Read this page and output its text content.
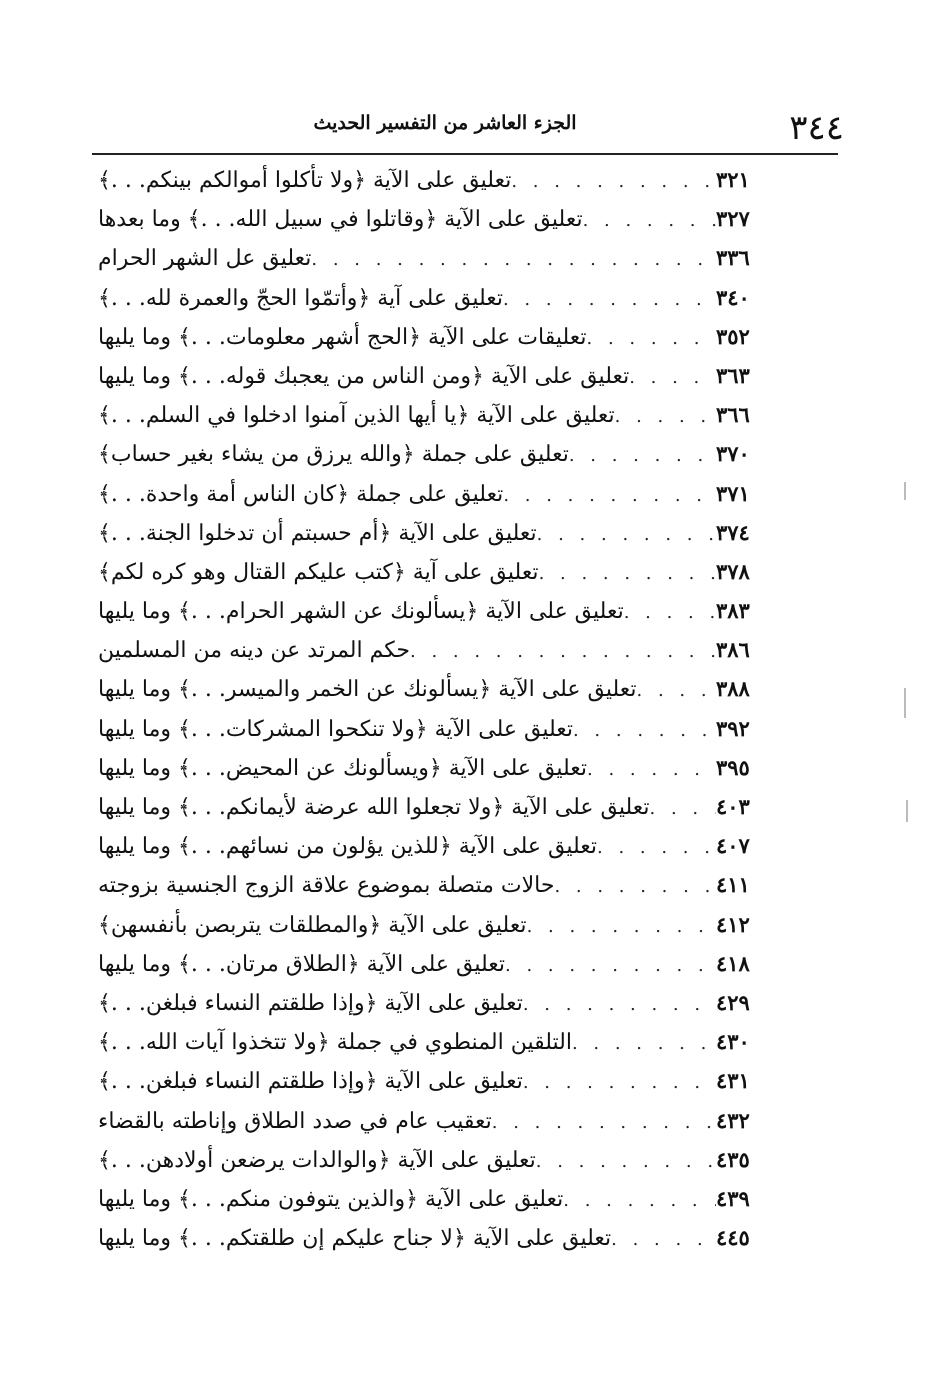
٣٤٤
الجزء العاشر من التفسير الحديث
تعليق على الآية ﴿ولا تأكلوا أموالكم بينكم. . .﴾ . . .	٣٢١
تعليق على الآية ﴿وقاتلوا في سبيل الله. . .﴾ وما بعدها . . .	٣٢٧
تعليق عل الشهر الحرام . . .	٣٣٦
تعليق على آية ﴿وأتمّوا الحجّ والعمرة لله. . .﴾ . . .	٣٤٠
تعليقات على الآية ﴿الحج أشهر معلومات. . .﴾ وما يليها . . .	٣٥٢
تعليق على الآية ﴿ومن الناس من يعجبك قوله. . .﴾ وما يليها . . .	٣٦٣
تعليق على الآية ﴿يا أيها الذين آمنوا ادخلوا في السلم. . .﴾ . . .	٣٦٦
تعليق على جملة ﴿والله يرزق من يشاء بغير حساب﴾ . . .	٣٧٠
تعليق على جملة ﴿كان الناس أمة واحدة. . .﴾ . . .	٣٧١
تعليق على الآية ﴿أم حسبتم أن تدخلوا الجنة. . .﴾ . . .	٣٧٤
تعليق على آية ﴿كتب عليكم القتال وهو كره لكم﴾ . . .	٣٧٨
تعليق على الآية ﴿يسألونك عن الشهر الحرام. . .﴾ وما يليها . . .	٣٨٣
حكم المرتد عن دينه من المسلمين . . .	٣٨٦
تعليق على الآية ﴿يسألونك عن الخمر والميسر. . .﴾ وما يليها . . .	٣٨٨
تعليق على الآية ﴿ولا تنكحوا المشركات. . .﴾ وما يليها . . .	٣٩٢
تعليق على الآية ﴿ويسألونك عن المحيض. . .﴾ وما يليها . . .	٣٩٥
تعليق على الآية ﴿ولا تجعلوا الله عرضة لأيمانكم. . .﴾ وما يليها . . .	٤٠٣
تعليق على الآية ﴿للذين يؤلون من نسائهم. . .﴾ وما يليها . . .	٤٠٧
حالات متصلة بموضوع علاقة الزوج الجنسية بزوجته . . .	٤١١
تعليق على الآية ﴿والمطلقات يتربصن بأنفسهن﴾ . . .	٤١٢
تعليق على الآية ﴿الطلاق مرتان. . .﴾ وما يليها . . .	٤١٨
تعليق على الآية ﴿وإذا طلقتم النساء فبلغن. . .﴾ . . .	٤٢٩
التلقين المنطوي في جملة ﴿ولا تتخذوا آيات الله. . .﴾ . . .	٤٣٠
تعليق على الآية ﴿وإذا طلقتم النساء فبلغن. . .﴾ . . .	٤٣١
تعقيب عام في صدد الطلاق وإناطته بالقضاء . . .	٤٣٢
تعليق على الآية ﴿والوالدات يرضعن أولادهن. . .﴾ . . .	٤٣٥
تعليق على الآية ﴿والذين يتوفون منكم. . .﴾ وما يليها . . .	٤٣٩
تعليق على الآية ﴿لا جناح عليكم إن طلقتكم. . .﴾ وما يليها . . .	٤٤٥
